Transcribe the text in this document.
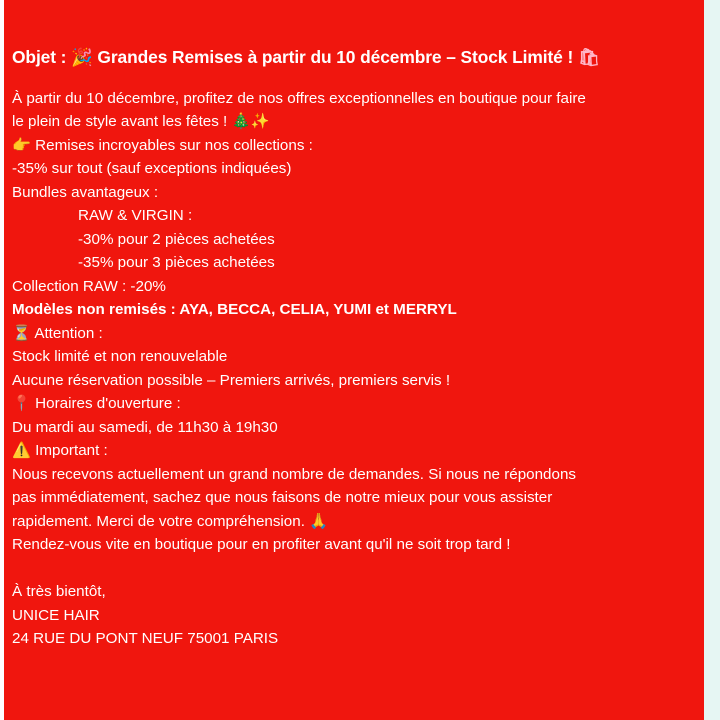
Objet : 🎉 Grandes Remises à partir du 10 décembre – Stock Limité ! 🛍
À partir du 10 décembre, profitez de nos offres exceptionnelles en boutique pour faire
le plein de style avant les fêtes ! 🎄✨
👉 Remises incroyables sur nos collections :
-35% sur tout (sauf exceptions indiquées)
Bundles avantageux :
RAW & VIRGIN :
-30% pour 2 pièces achetées
-35% pour 3 pièces achetées
Collection RAW : -20%
Modèles non remisés : AYA, BECCA, CELIA, YUMI et MERRYL
⏳ Attention :
Stock limité et non renouvelable
Aucune réservation possible – Premiers arrivés, premiers servis !
📍 Horaires d'ouverture :
Du mardi au samedi, de 11h30 à 19h30
⚠️ Important :
Nous recevons actuellement un grand nombre de demandes. Si nous ne répondons
pas immédiatement, sachez que nous faisons de notre mieux pour vous assister
rapidement. Merci de votre compréhension. 🙏
Rendez-vous vite en boutique pour en profiter avant qu'il ne soit trop tard !
À très bientôt,
UNICE HAIR
24 RUE DU PONT NEUF 75001 PARIS
